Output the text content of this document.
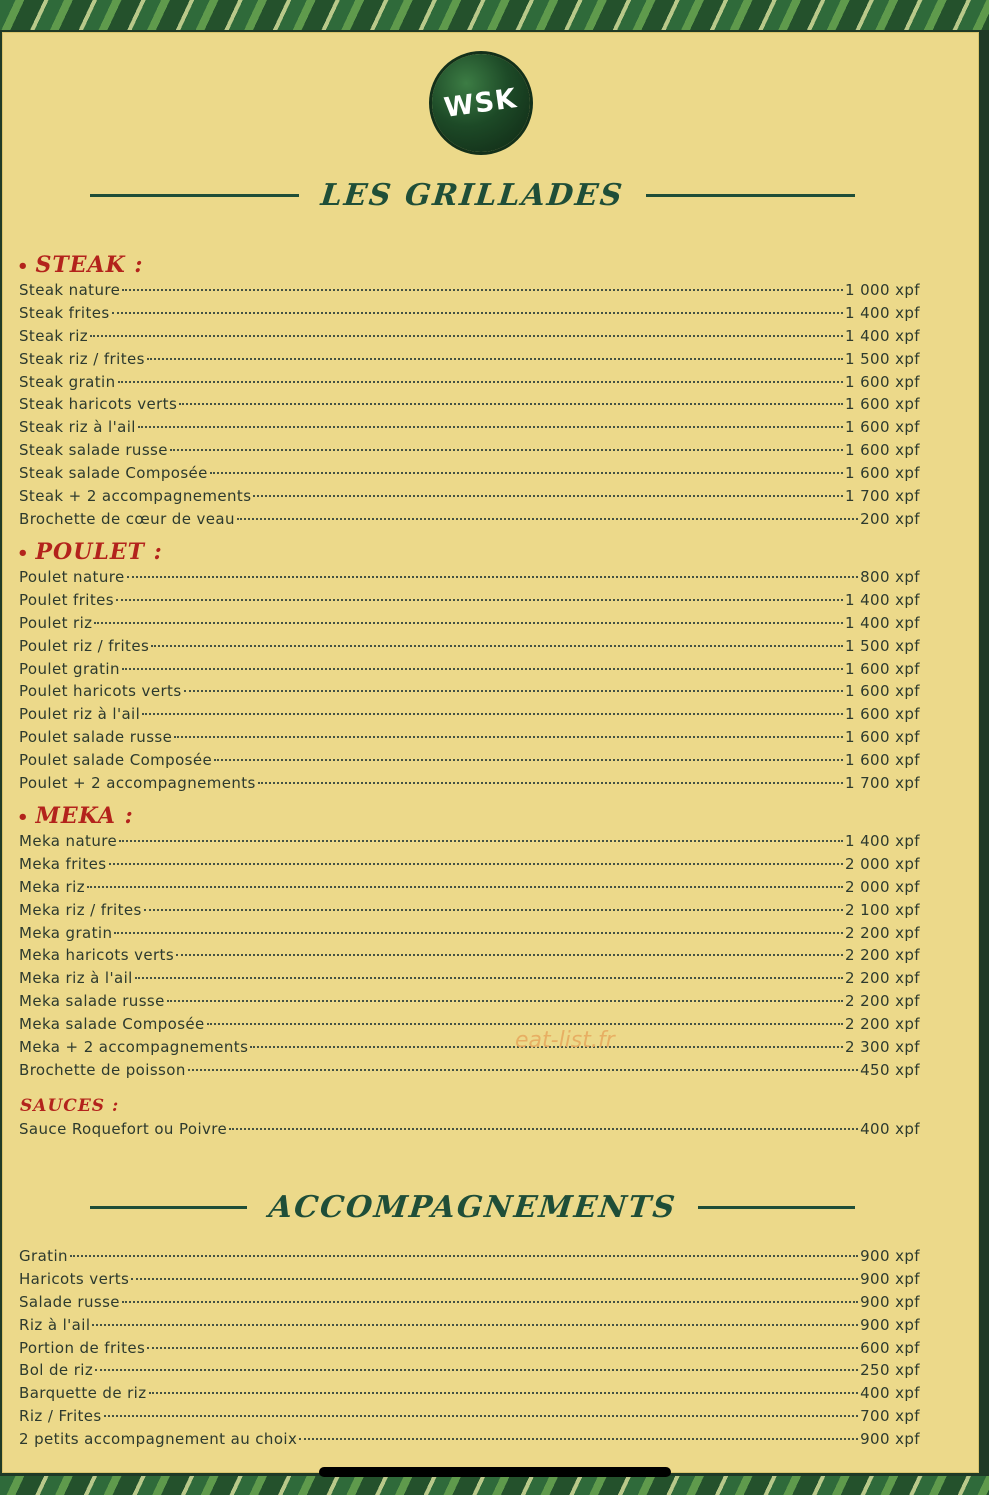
WSK
LES GRILLADES
• STEAK :
Steak nature	1 000 xpf
Steak frites	1 400 xpf
Steak riz	1 400 xpf
Steak riz / frites	1 500 xpf
Steak gratin	1 600 xpf
Steak haricots verts	1 600 xpf
Steak riz à l'ail	1 600 xpf
Steak salade russe	1 600 xpf
Steak salade Composée	1 600 xpf
Steak + 2 accompagnements	1 700 xpf
Brochette de cœur de veau	200 xpf
• POULET :
Poulet nature	800 xpf
Poulet frites	1 400 xpf
Poulet riz	1 400 xpf
Poulet riz / frites	1 500 xpf
Poulet gratin	1 600 xpf
Poulet haricots verts	1 600 xpf
Poulet riz à l'ail	1 600 xpf
Poulet salade russe	1 600 xpf
Poulet salade Composée	1 600 xpf
Poulet + 2 accompagnements	1 700 xpf
• MEKA :
Meka nature	1 400 xpf
Meka frites	2 000 xpf
Meka riz	2 000 xpf
Meka riz / frites	2 100 xpf
Meka gratin	2 200 xpf
Meka haricots verts	2 200 xpf
Meka riz à l'ail	2 200 xpf
Meka salade russe	2 200 xpf
Meka salade Composée	2 200 xpf
Meka + 2 accompagnements	2 300 xpf
Brochette de poisson	450 xpf
SAUCES :
Sauce Roquefort ou Poivre	400 xpf
ACCOMPAGNEMENTS
Gratin	900 xpf
Haricots verts	900 xpf
Salade russe	900 xpf
Riz à l'ail	900 xpf
Portion de frites	600 xpf
Bol de riz	250 xpf
Barquette de riz	400 xpf
Riz / Frites	700 xpf
2 petits accompagnement au choix	900 xpf
eat-list.fr
